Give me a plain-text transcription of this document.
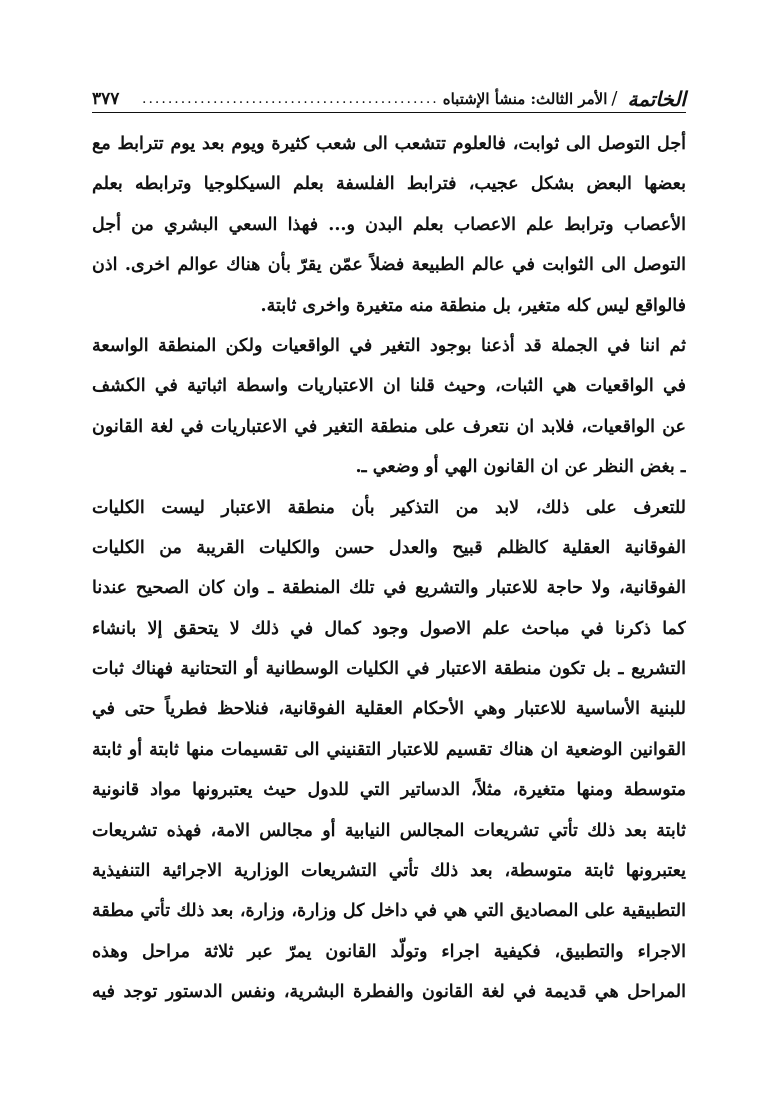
الخاتمة
/
الأمر الثالث: منشأ الإشتباه
..............................................
٣٧٧
أجل التوصل الى ثوابت، فالعلوم تتشعب الى شعب كثيرة ويوم بعد يوم تترابط مع
بعضها البعض بشكل عجيب، فترابط الفلسفة بعلم السيكلوجيا وترابطه بعلم
الأعصاب وترابط علم الاعصاب بعلم البدن و... فهذا السعي البشري من أجل
التوصل الى الثوابت في عالم الطبيعة فضلاً عمّن يقرّ بأن هناك عوالم اخرى. اذن
فالواقع ليس كله متغير، بل منطقة منه متغيرة واخرى ثابتة.
ثم اننا في الجملة قد أذعنا بوجود التغير في الواقعيات ولكن المنطقة الواسعة
في الواقعيات هي الثبات، وحيث قلنا ان الاعتباريات واسطة اثباتية في الكشف
عن الواقعيات، فلابد ان نتعرف على منطقة التغير في الاعتباريات في لغة القانون
ـ بغض النظر عن ان القانون الهي أو وضعي ـ.
للتعرف على ذلك، لابد من التذكير بأن منطقة الاعتبار ليست الكليات
الفوقانية العقلية كالظلم قبيح والعدل حسن والكليات القريبة من الكليات
الفوقانية، ولا حاجة للاعتبار والتشريع في تلك المنطقة ـ وان كان الصحيح عندنا
كما ذكرنا في مباحث علم الاصول وجود كمال في ذلك لا يتحقق إلا بانشاء
التشريع ـ بل تكون منطقة الاعتبار في الكليات الوسطانية أو التحتانية فهناك ثبات
للبنية الأساسية للاعتبار وهي الأحكام العقلية الفوقانية، فنلاحظ فطرياً حتى في
القوانين الوضعية ان هناك تقسيم للاعتبار التقنيني الى تقسيمات منها ثابتة أو ثابتة
متوسطة ومنها متغيرة، مثلاً، الدساتير التي للدول حيث يعتبرونها مواد قانونية
ثابتة بعد ذلك تأتي تشريعات المجالس النيابية أو مجالس الامة، فهذه تشريعات
يعتبرونها ثابتة متوسطة، بعد ذلك تأتي التشريعات الوزارية الاجرائية التنفيذية
التطبيقية على المصاديق التي هي في داخل كل وزارة، وزارة، بعد ذلك تأتي مطقة
الاجراء والتطبيق، فكيفية اجراء وتولّد القانون يمرّ عبر ثلاثة مراحل وهذه
المراحل هي قديمة في لغة القانون والفطرة البشرية، ونفس الدستور توجد فيه
